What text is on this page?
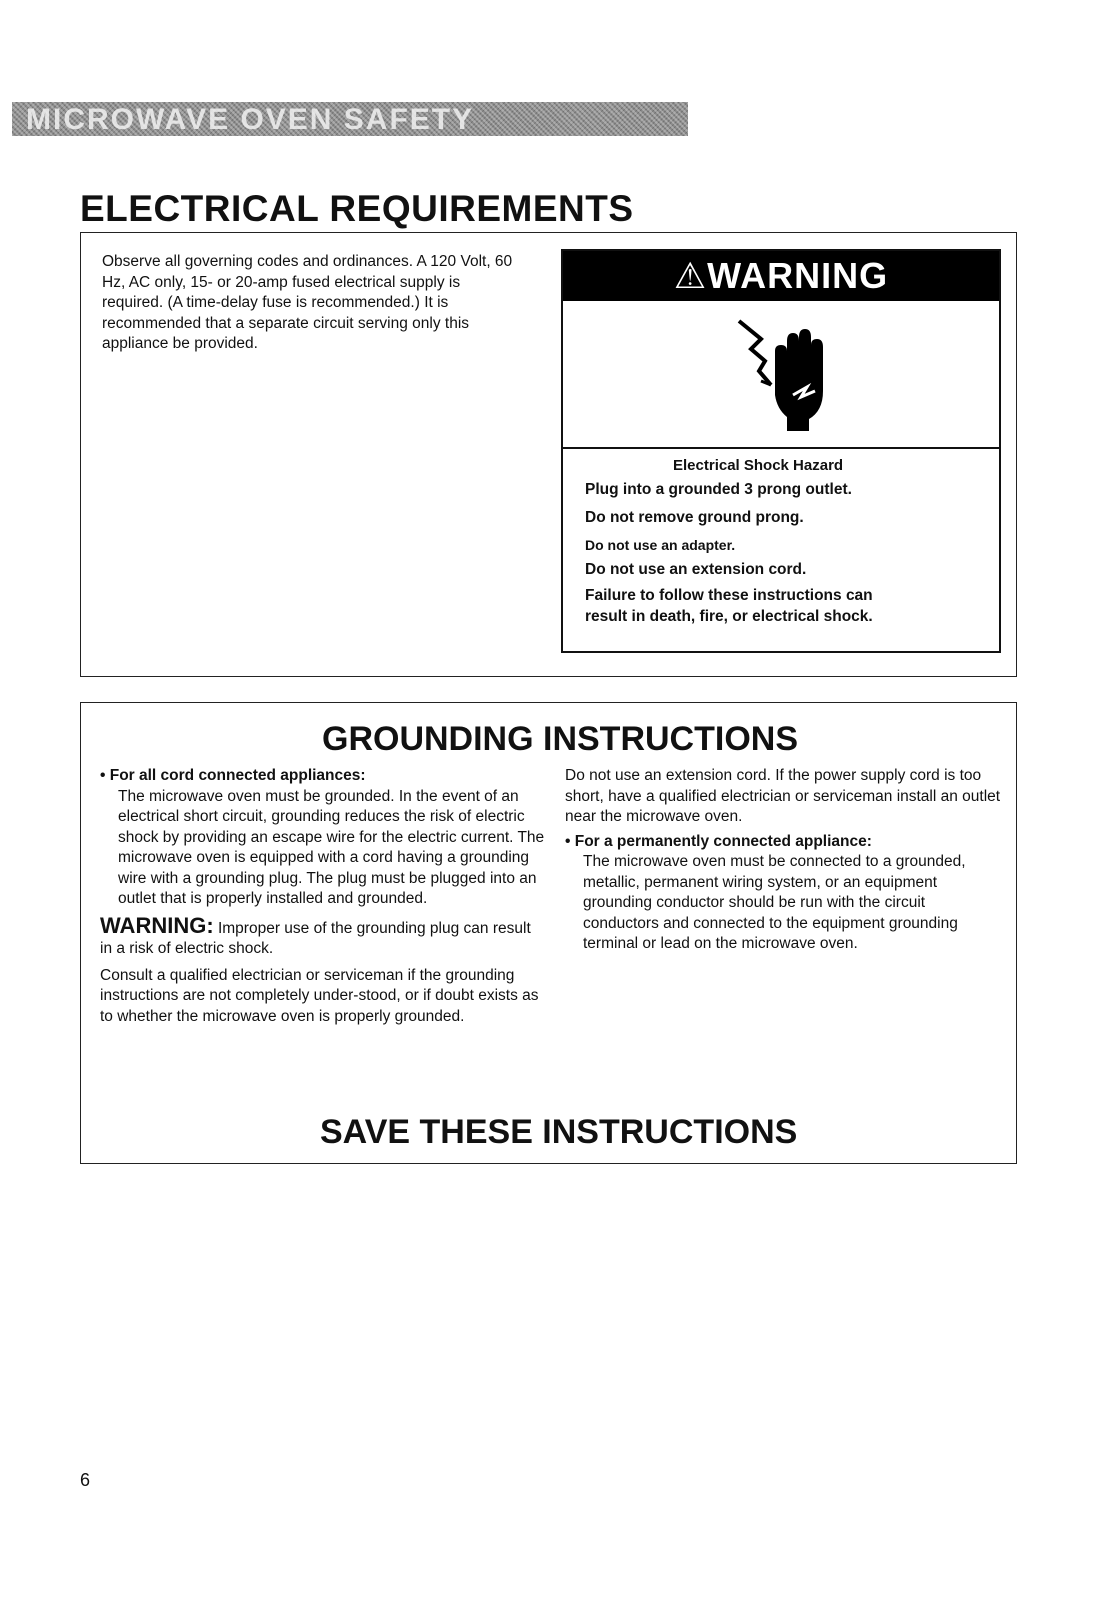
MICROWAVE OVEN SAFETY
ELECTRICAL REQUIREMENTS

Observe all governing codes and ordinances. A 120 Volt, 60 Hz, AC only, 15- or 20-amp fused electrical supply is required. (A time-delay fuse is recommended.) It is recommended that a separate circuit serving only this appliance be provided.

⚠WARNING

Electrical Shock Hazard

Plug into a grounded 3 prong outlet.

Do not remove ground prong.

Do not use an adapter.

Do not use an extension cord.

Failure to follow these instructions can

result in death, fire, or electrical shock.

GROUNDING INSTRUCTIONS

• For all cord connected appliances:

The microwave oven must be grounded. In the event of an electrical short circuit, grounding reduces the risk of electric shock by providing an escape wire for the electric current. The microwave oven is equipped with a cord having a grounding wire with a grounding plug. The plug must be plugged into an outlet that is properly installed and grounded.

WARNING: Improper use of the grounding plug can result in a risk of electric shock.

Consult a qualified electrician or serviceman if the grounding instructions are not completely under-stood, or if doubt exists as to whether the microwave oven is properly grounded.

Do not use an extension cord. If the power supply cord is too short, have a qualified electrician or serviceman install an outlet near the microwave oven.

• For a permanently connected appliance:

The microwave oven must be connected to a grounded, metallic, permanent wiring system, or an equipment grounding conductor should be run with the circuit conductors and connected to the equipment grounding terminal or lead on the microwave oven.

SAVE THESE INSTRUCTIONS
6
